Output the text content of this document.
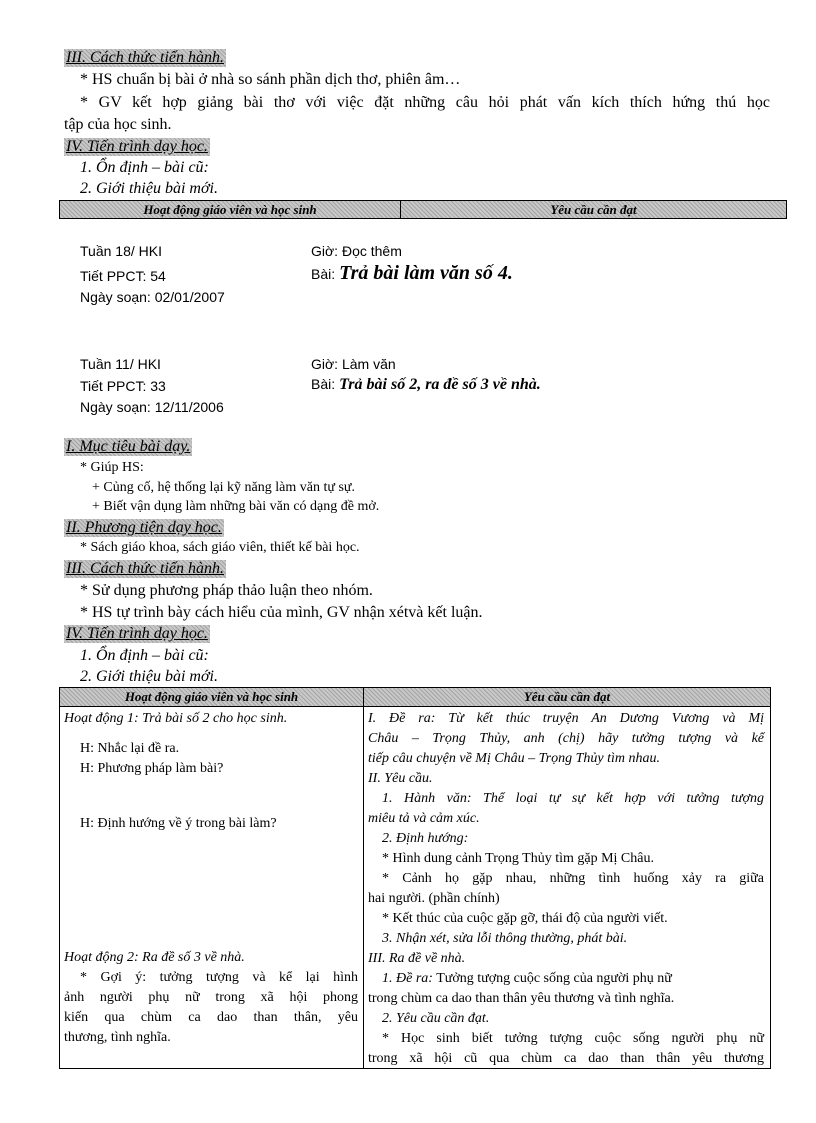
III. Cách thức tiến hành.
* HS chuẩn bị bài ở nhà so sánh phần dịch thơ, phiên âm…
* GV kết hợp giảng bài thơ với việc đặt những câu hỏi phát vấn kích thích hứng thú học
tập của học sinh.
IV. Tiến trình dạy học.
1. Ổn định – bài cũ:
2. Giới thiệu bài mới.
Hoạt động giáo viên và học sinh	Yêu cầu cần đạt
Tuần 18/ HKI
Tiết PPCT: 54
Ngày soạn: 02/01/2007
Giờ: Đọc thêm
Bài: Trả bài làm văn số 4.
Tuần 11/ HKI
Tiết PPCT: 33
Ngày soạn: 12/11/2006
Giờ: Làm văn
Bài: Trả bài số 2, ra đề số 3 về nhà.
I. Mục tiêu bài dạy.
* Giúp HS:
+ Củng cố, hệ thống lại kỹ năng làm văn tự sự.
+ Biết vận dụng làm những bài văn có dạng đề mở.
II. Phương tiện dạy học.
* Sách giáo khoa, sách giáo viên, thiết kế bài học.
III. Cách thức tiến hành.
* Sử dụng phương pháp thảo luận theo nhóm.
* HS tự trình bày cách hiểu của mình, GV nhận xétvà kết luận.
IV. Tiến trình dạy học.
1. Ổn định – bài cũ:
2. Giới thiệu bài mới.
Hoạt động giáo viên và học sinh	Yêu cầu cần đạt
Hoạt động 1: Trả bài số 2 cho học sinh.
H: Nhắc lại đề ra.
H: Phương pháp làm bài?
H: Định hướng về ý trong bài làm?
Hoạt động 2: Ra đề số 3 về nhà.
* Gợi ý: tưởng tượng và kể lại hình
ảnh người phụ nữ trong xã hội phong
kiến qua chùm ca dao than thân, yêu
thương, tình nghĩa.
I. Đề ra: Từ kết thúc truyện An Dương Vương và Mị
Châu – Trọng Thủy, anh (chị) hãy tưởng tượng và kể
tiếp câu chuyện về Mị Châu – Trọng Thủy tìm nhau.
II. Yêu cầu.
1. Hành văn: Thể loại tự sự kết hợp với tưởng tượng
miêu tả và cảm xúc.
2. Định hướng:
* Hình dung cảnh Trọng Thủy tìm gặp Mị Châu.
* Cảnh họ gặp nhau, những tình huống xảy ra giữa
hai người. (phần chính)
* Kết thúc của cuộc gặp gỡ, thái độ của người viết.
3. Nhận xét, sửa lỗi thông thường, phát bài.
III. Ra đề về nhà.
1. Đề ra: Tưởng tượng cuộc sống của người phụ nữ
trong chùm ca dao than thân yêu thương và tình nghĩa.
2. Yêu cầu cần đạt.
* Học sinh biết tưởng tượng cuộc sống người phụ nữ
trong xã hội cũ qua chùm ca dao than thân yêu thương
